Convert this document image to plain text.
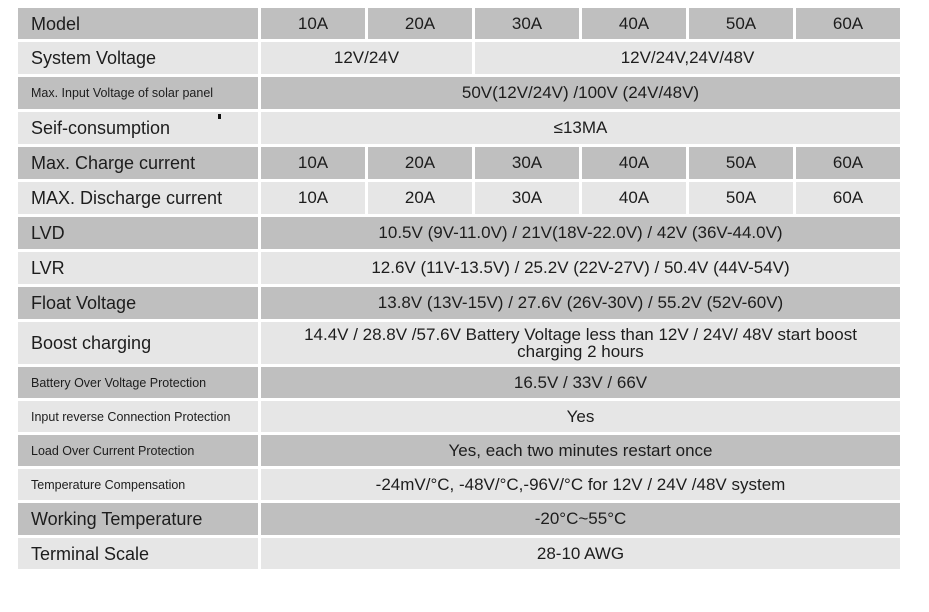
Model	10A	20A	30A	40A	50A	60A
System Voltage	12V/24V		12V/24V,24V/48V			
Max. Input Voltage of solar panel	50V(12V/24V) /100V (24V/48V)					
Seif-consumption	≤13MA					
Max. Charge current	10A	20A	30A	40A	50A	60A
MAX. Discharge current	10A	20A	30A	40A	50A	60A
LVD	10.5V (9V-11.0V) / 21V(18V-22.0V) / 42V (36V-44.0V)					
LVR	12.6V (11V-13.5V) / 25.2V (22V-27V) / 50.4V (44V-54V)					
Float Voltage	13.8V (13V-15V) / 27.6V (26V-30V) / 55.2V (52V-60V)					
Boost charging	14.4V / 28.8V /57.6V Battery Voltage less than 12V / 24V/ 48V start boost charging 2 hours					
Battery Over Voltage Protection	16.5V / 33V / 66V					
Input reverse Connection Protection	Yes					
Load Over Current Protection	Yes, each two minutes restart once					
Temperature Compensation	-24mV/°C, -48V/°C,-96V/°C for 12V / 24V /48V system					
Working Temperature	-20°C~55°C					
Terminal Scale	28-10 AWG					
